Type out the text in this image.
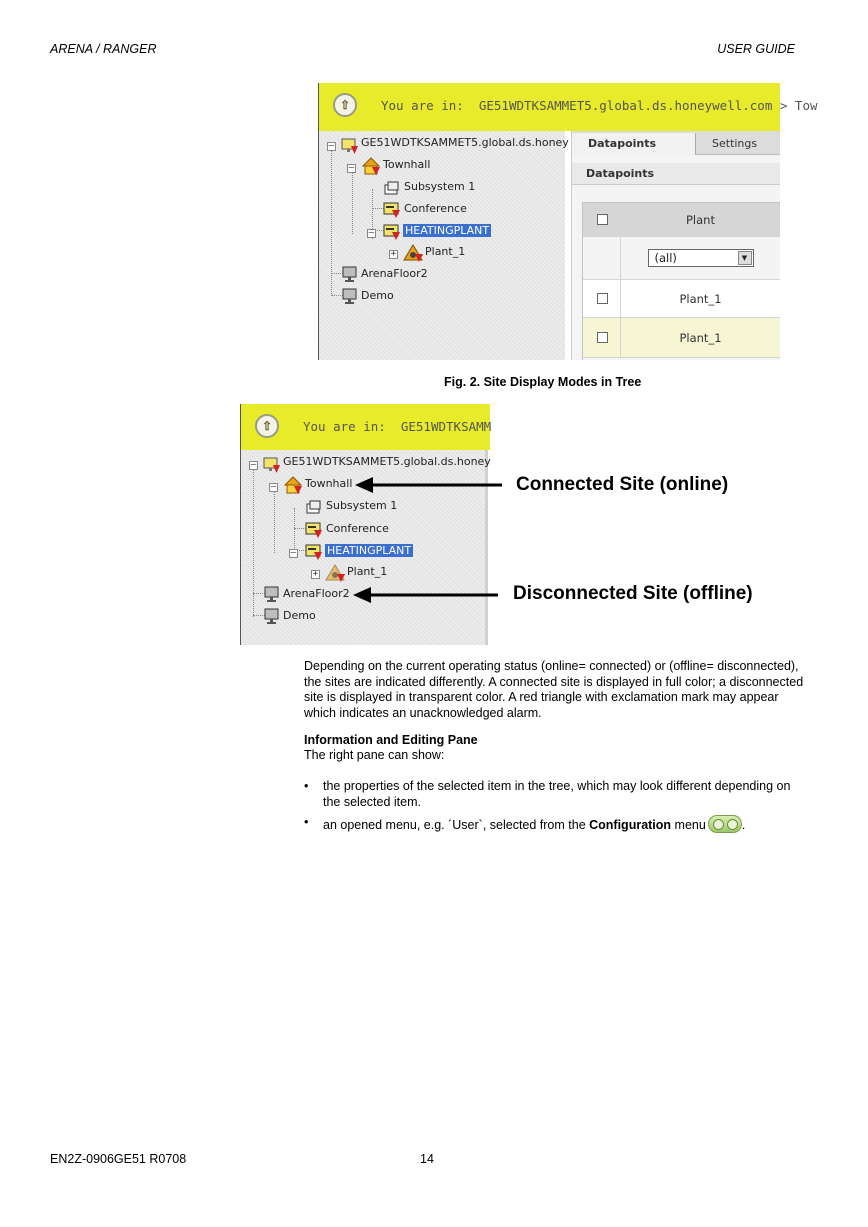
ARENA / RANGER	USER GUIDE
⇧ You are in: GE51WDTKSAMMET5.global.ds.honeywell.com > Tow
– GE51WDTKSAMMET5.global.ds.honey
–	Townhall
Subsystem 1
Conference
–	HEATINGPLANT
+	Plant_1
ArenaFloor2
Demo
Datapoints	Settings
Datapoints
Plant
(all)	▼
Plant_1
Plant_1
Fig. 2. Site Display Modes in Tree
⇧ You are in: GE51WDTKSAMM
– GE51WDTKSAMMET5.global.ds.honey
–	Townhall
Subsystem 1
Conference
–	HEATINGPLANT
+	Plant_1
ArenaFloor2
Demo
Connected Site (online)
Disconnected Site (offline)
Depending on the current operating status (online= connected) or (offline= disconnected), the sites are indicated differently. A connected site is displayed in full color; a disconnected site is displayed in transparent color. A red triangle with exclamation mark may appear which indicates an unacknowledged alarm.
Information and Editing Pane
The right pane can show:
• the properties of the selected item in the tree, which may look different depending on the selected item.
• an opened menu, e.g. ´User`, selected from the Configuration menu	.
EN2Z-0906GE51 R0708	14
